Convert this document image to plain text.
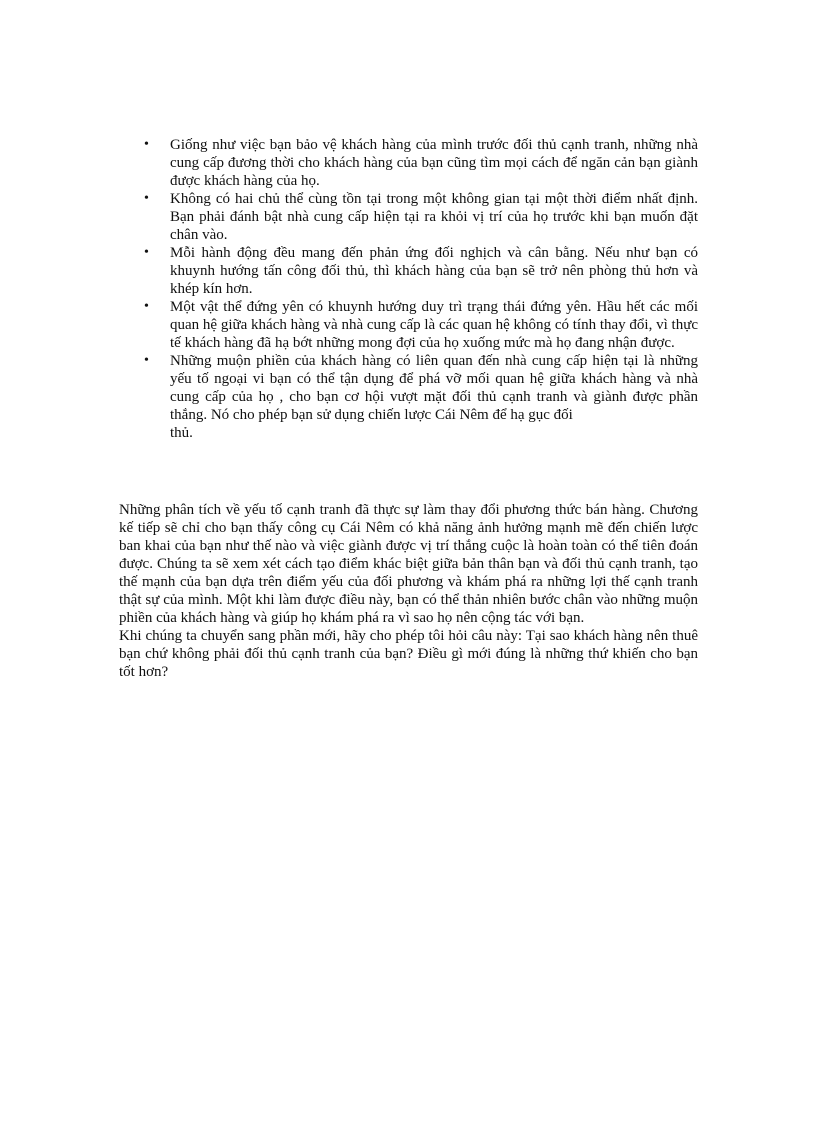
•	Giống như việc bạn bảo vệ khách hàng của mình trước đối thủ cạnh tranh, những nhà cung cấp đương thời cho khách hàng của bạn cũng tìm mọi cách để ngăn cản bạn giành được khách hàng của họ.
•	Không có hai chủ thể cùng tồn tại trong một không gian tại một thời điểm nhất định. Bạn phải đánh bật nhà cung cấp hiện tại ra khỏi vị trí của họ trước khi bạn muốn đặt chân vào.
•	Mỗi hành động đều mang đến phản ứng đối nghịch và cân bằng. Nếu như bạn có khuynh hướng tấn công đối thủ, thì khách hàng của bạn sẽ trở nên phòng thủ hơn và khép kín hơn.
•	Một vật thể đứng yên có khuynh hướng duy trì trạng thái đứng yên. Hầu hết các mối quan hệ giữa khách hàng và nhà cung cấp là các quan hệ không có tính thay đổi, vì thực tế khách hàng đã hạ bớt những mong đợi của họ xuống mức mà họ đang nhận được.
•	Những muộn phiền của khách hàng có liên quan đến nhà cung cấp hiện tại là những yếu tố ngoại vi bạn có thể tận dụng để phá vỡ mối quan hệ giữa khách hàng và nhà cung cấp của họ , cho bạn cơ hội vượt mặt đối thủ cạnh tranh và giành được phần thắng. Nó cho phép bạn sử dụng chiến lược Cái Nêm để hạ gục đối
thủ.

Những phân tích về yếu tố cạnh tranh đã thực sự làm thay đổi phương thức bán hàng. Chương kế tiếp sẽ chỉ cho bạn thấy công cụ Cái Nêm có khả năng ảnh hưởng mạnh mẽ đến chiến lược ban khai của bạn như thế nào và việc giành được vị trí thắng cuộc là hoàn toàn có thể tiên đoán được. Chúng ta sẽ xem xét cách tạo điểm khác biệt giữa bản thân bạn và đối thủ cạnh tranh, tạo thế mạnh của bạn dựa trên điểm yếu của đối phương và khám phá ra những lợi thế cạnh tranh thật sự của mình. Một khi làm được điều này, bạn có thể thản nhiên bước chân vào những muộn phiền của khách hàng và giúp họ khám phá ra vì sao họ nên cộng tác với bạn.

Khi chúng ta chuyển sang phần mới, hãy cho phép tôi hỏi câu này: Tại sao khách hàng nên thuê bạn chứ không phải đối thủ cạnh tranh của bạn? Điều gì mới đúng là những thứ khiến cho bạn tốt hơn?
